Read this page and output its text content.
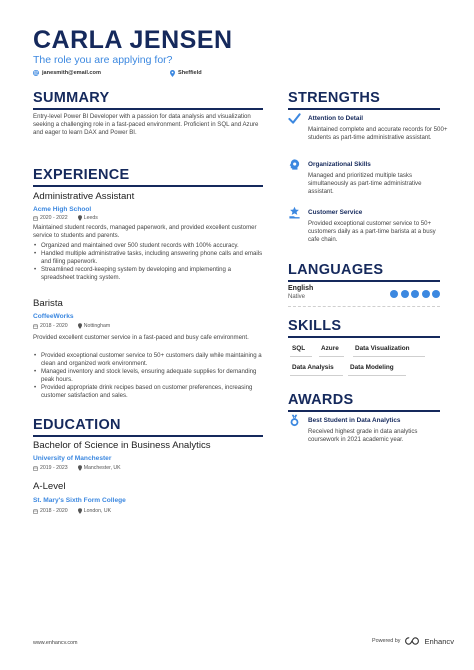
CARLA JENSEN
The role you are applying for?
janesmith@email.com	Sheffield
SUMMARY
Entry-level Power BI Developer with a passion for data analysis and visualization seeking a challenging role in a fast-paced environment. Proficient in SQL and Azure and eager to learn DAX and Power BI.
EXPERIENCE
Administrative Assistant
Acme High School
2020 - 2022	Leeds
Maintained student records, managed paperwork, and provided excellent customer service to students and parents.
• Organized and maintained over 500 student records with 100% accuracy.
• Handled multiple administrative tasks, including answering phone calls and emails and filing paperwork.
• Streamlined record-keeping system by developing and implementing a spreadsheet tracking system.
Barista
CoffeeWorks
2018 - 2020	Nottingham
Provided excellent customer service in a fast-paced and busy cafe environment.
• Provided exceptional customer service to 50+ customers daily while maintaining a clean and organized work environment.
• Managed inventory and stock levels, ensuring adequate supplies for demanding peak hours.
• Provided appropriate drink recipes based on customer preferences, increasing customer satisfaction and sales.
EDUCATION
Bachelor of Science in Business Analytics
University of Manchester
2019 - 2023	Manchester, UK
A-Level
St. Mary's Sixth Form College
2018 - 2020	London, UK
STRENGTHS
Attention to Detail
Maintained complete and accurate records for 500+ students as part-time administrative assistant.
Organizational Skills
Managed and prioritized multiple tasks simultaneously as part-time administrative assistant.
Customer Service
Provided exceptional customer service to 50+ customers daily as a part-time barista at a busy cafe chain.
LANGUAGES
English
Native
SKILLS
SQL Azure	Data Visualization
Data Analysis	Data Modeling
AWARDS
Best Student in Data Analytics
Received highest grade in data analytics coursework in 2021 academic year.
www.enhancv.com	Powered by	Enhancv
